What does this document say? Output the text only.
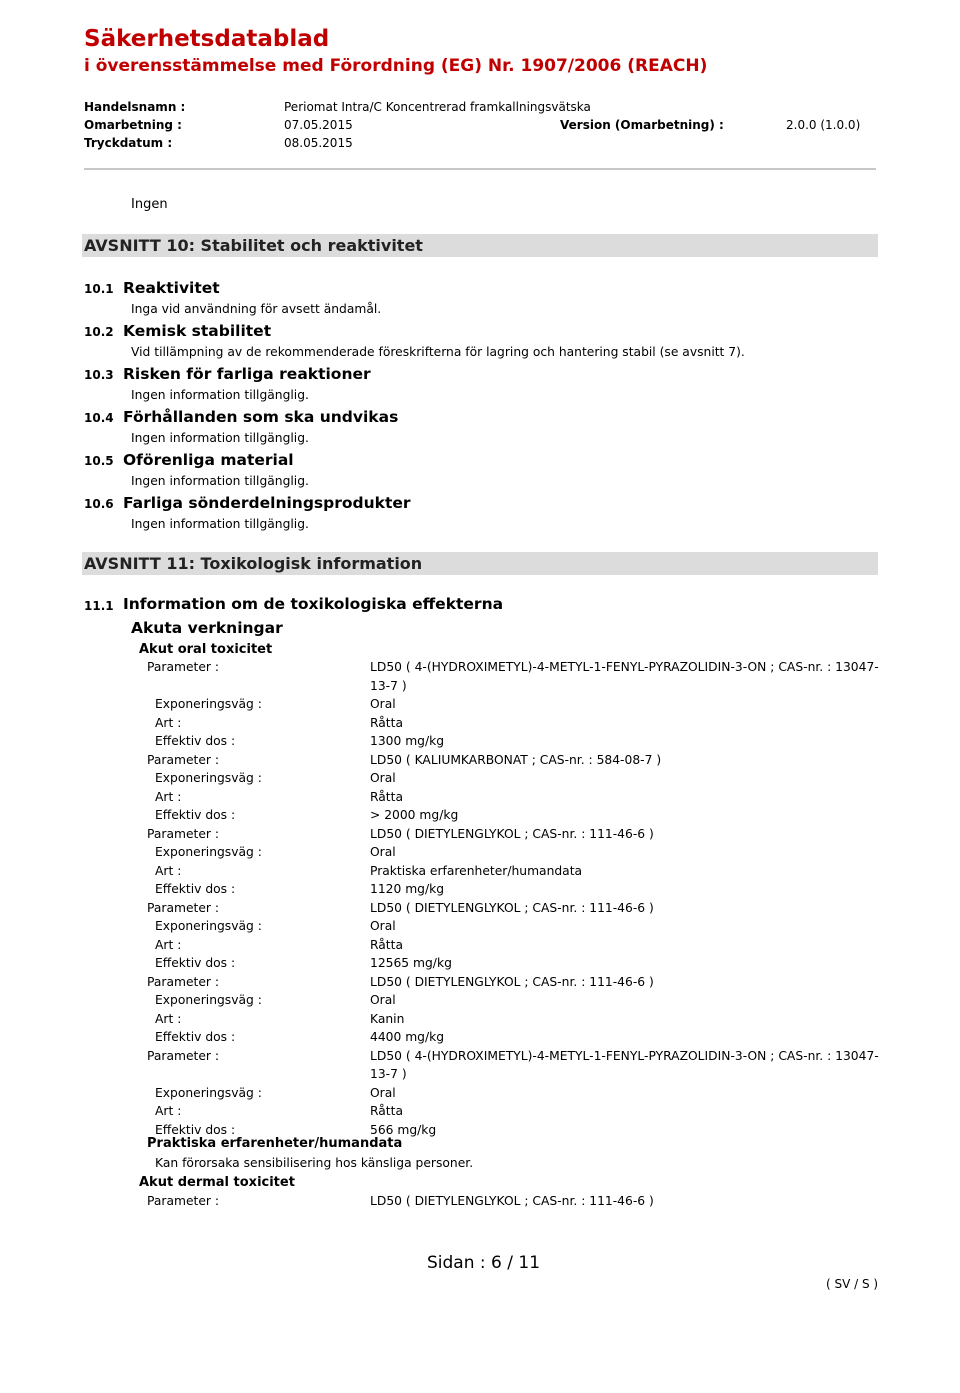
Säkerhetsdatablad
i överensstämmelse med Förordning (EG) Nr. 1907/2006 (REACH)
Handelsnamn :	Periomat Intra/C Koncentrerad framkallningsvätska
Omarbetning :	07.05.2015	Version (Omarbetning) :	2.0.0 (1.0.0)
Tryckdatum :	08.05.2015
Ingen
AVSNITT 10: Stabilitet och reaktivitet
10.1 Reaktivitet
Inga vid användning för avsett ändamål.
10.2 Kemisk stabilitet
Vid tillämpning av de rekommenderade föreskrifterna för lagring och hantering stabil (se avsnitt 7).
10.3 Risken för farliga reaktioner
Ingen information tillgänglig.
10.4 Förhållanden som ska undvikas
Ingen information tillgänglig.
10.5 Oförenliga material
Ingen information tillgänglig.
10.6 Farliga sönderdelningsprodukter
Ingen information tillgänglig.
AVSNITT 11: Toxikologisk information
11.1 Information om de toxikologiska effekterna
Akuta verkningar
Akut oral toxicitet
Parameter :	LD50 ( 4-(HYDROXIMETYL)-4-METYL-1-FENYL-PYRAZOLIDIN-3-ON ; CAS-nr. : 13047-
13-7 )
Exponeringsväg :	Oral
Art :	Råtta
Effektiv dos :	1300 mg/kg
Parameter :	LD50 ( KALIUMKARBONAT ; CAS-nr. : 584-08-7 )
Exponeringsväg :	Oral
Art :	Råtta
Effektiv dos :	> 2000 mg/kg
Parameter :	LD50 ( DIETYLENGLYKOL ; CAS-nr. : 111-46-6 )
Exponeringsväg :	Oral
Art :	Praktiska erfarenheter/humandata
Effektiv dos :	1120 mg/kg
Parameter :	LD50 ( DIETYLENGLYKOL ; CAS-nr. : 111-46-6 )
Exponeringsväg :	Oral
Art :	Råtta
Effektiv dos :	12565 mg/kg
Parameter :	LD50 ( DIETYLENGLYKOL ; CAS-nr. : 111-46-6 )
Exponeringsväg :	Oral
Art :	Kanin
Effektiv dos :	4400 mg/kg
Parameter :	LD50 ( 4-(HYDROXIMETYL)-4-METYL-1-FENYL-PYRAZOLIDIN-3-ON ; CAS-nr. : 13047-
13-7 )
Exponeringsväg :	Oral
Art :	Råtta
Effektiv dos :	566 mg/kg
Praktiska erfarenheter/humandata
Kan förorsaka sensibilisering hos känsliga personer.
Akut dermal toxicitet
Parameter :	LD50 ( DIETYLENGLYKOL ; CAS-nr. : 111-46-6 )
Sidan : 6 / 11
( SV / S )
